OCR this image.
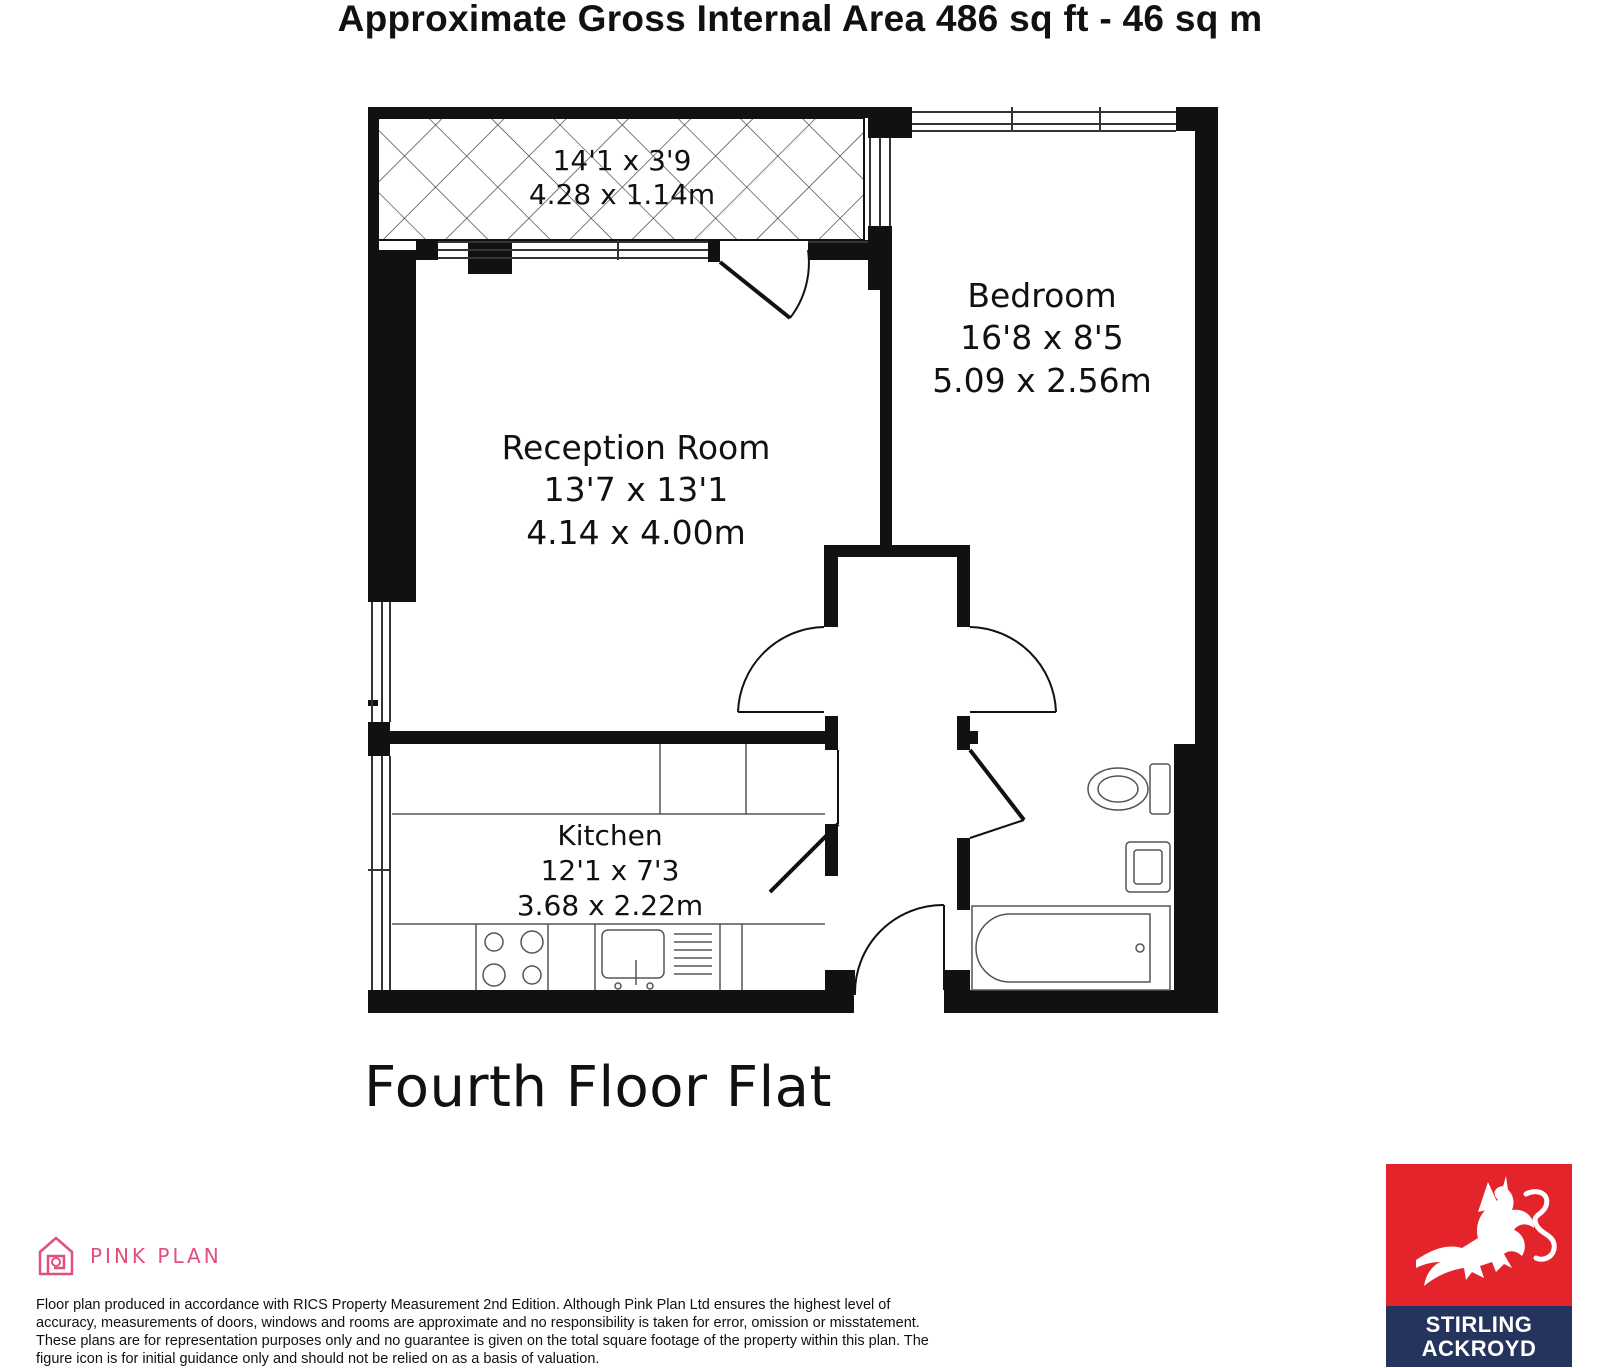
Approximate Gross Internal Area 486 sq ft - 46 sq m
14'1 x 3'9
4.28 x 1.14m
Bedroom
16'8 x 8'5
5.09 x 2.56m
Reception Room
13'7 x 13'1
4.14 x 4.00m
Kitchen
12'1 x 7'3
3.68 x 2.22m
Fourth Floor Flat
PINK PLAN
Floor plan produced in accordance with RICS Property Measurement 2nd Edition. Although Pink Plan Ltd ensures the highest level of accuracy, measurements of doors, windows and rooms are approximate and no responsibility is taken for error, omission or misstatement. These plans are for representation purposes only and no guarantee is given on the total square footage of the property within this plan. The figure icon is for initial guidance only and should not be relied on as a basis of valuation.
STIRLING
ACKROYD
